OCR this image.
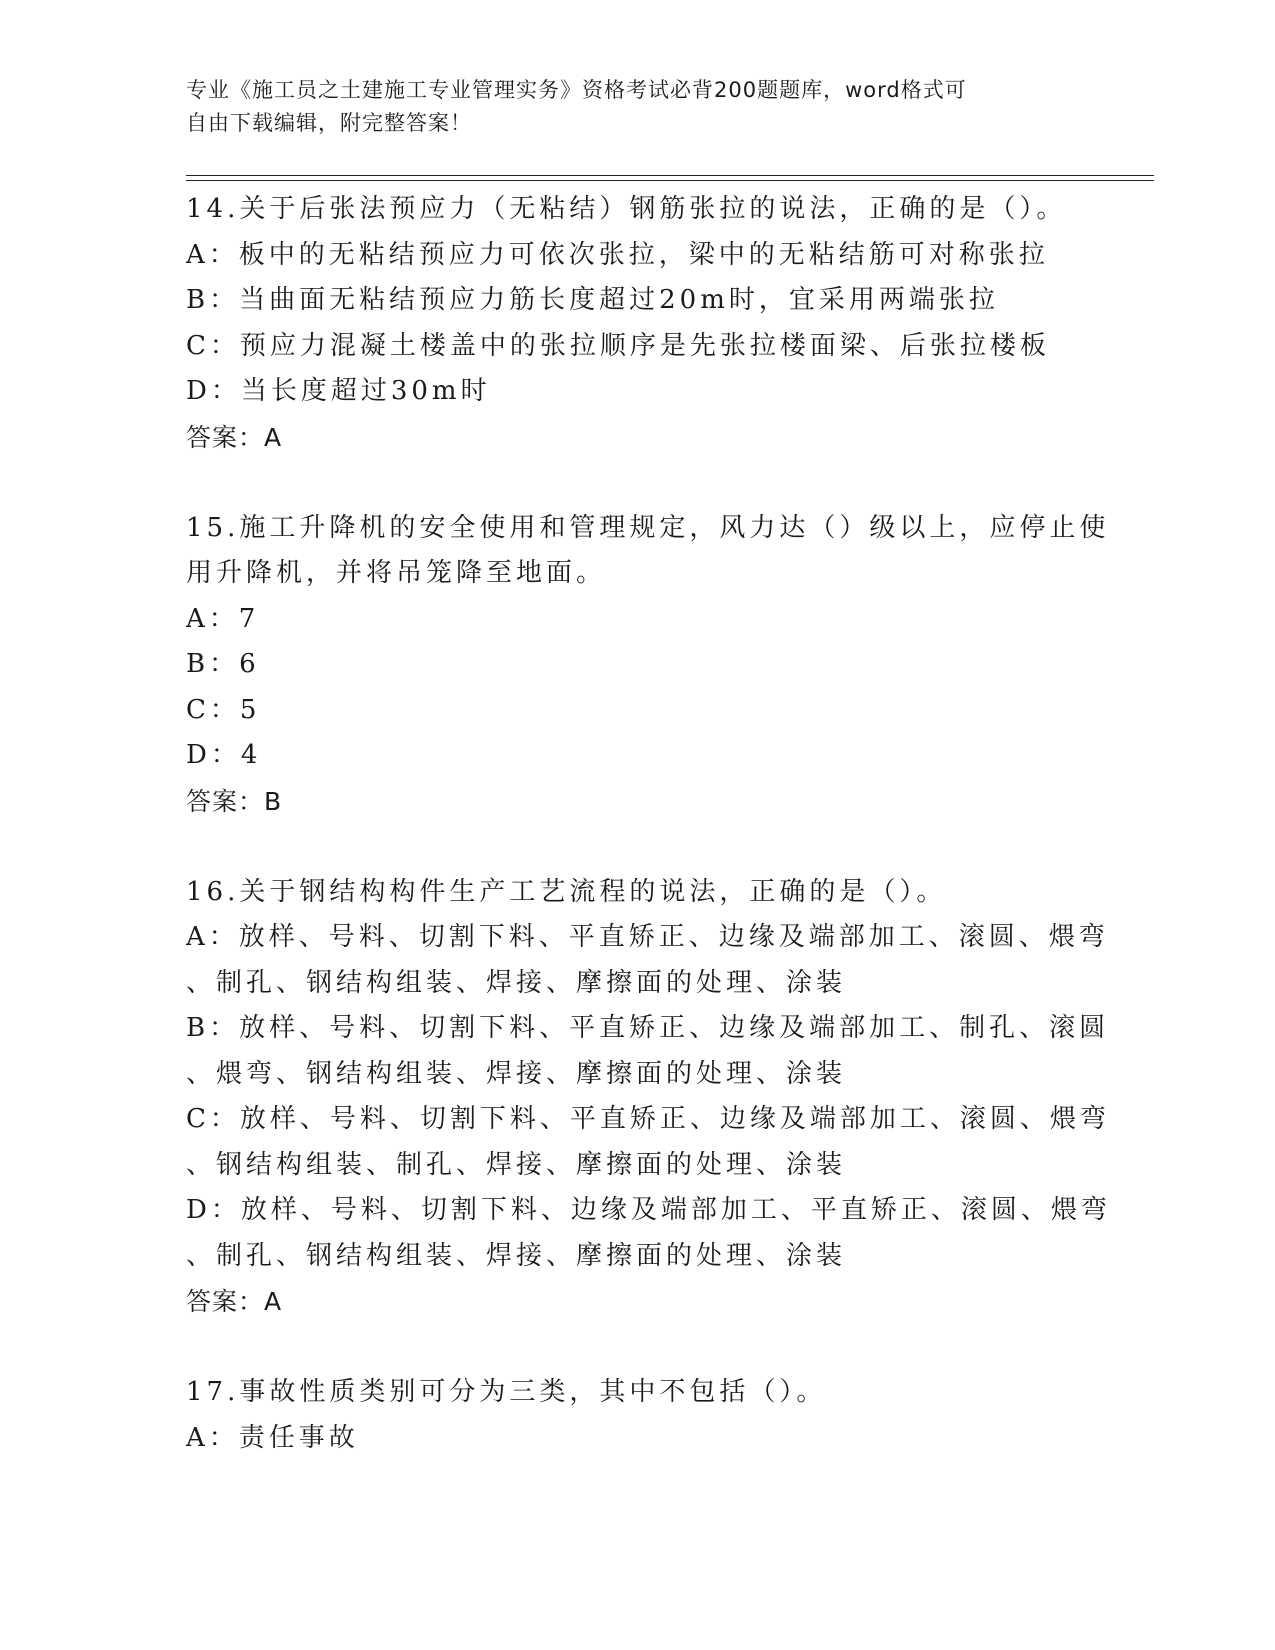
专业《施工员之土建施工专业管理实务》资格考试必背200题题库，word格式可
自由下载编辑，附完整答案！
14.关于后张法预应力（无粘结）钢筋张拉的说法，正确的是（）。
A：板中的无粘结预应力可依次张拉，梁中的无粘结筋可对称张拉
B：当曲面无粘结预应力筋长度超过20m时，宜采用两端张拉
C：预应力混凝土楼盖中的张拉顺序是先张拉楼面梁、后张拉楼板
D：当长度超过30m时
答案：A
15.施工升降机的安全使用和管理规定，风力达（）级以上，应停止使
用升降机，并将吊笼降至地面。
A：7
B：6
C：5
D：4
答案：B
16.关于钢结构构件生产工艺流程的说法，正确的是（）。
A：放样、号料、切割下料、平直矫正、边缘及端部加工、滚圆、煨弯
、制孔、钢结构组装、焊接、摩擦面的处理、涂装
B：放样、号料、切割下料、平直矫正、边缘及端部加工、制孔、滚圆
、煨弯、钢结构组装、焊接、摩擦面的处理、涂装
C：放样、号料、切割下料、平直矫正、边缘及端部加工、滚圆、煨弯
、钢结构组装、制孔、焊接、摩擦面的处理、涂装
D：放样、号料、切割下料、边缘及端部加工、平直矫正、滚圆、煨弯
、制孔、钢结构组装、焊接、摩擦面的处理、涂装
答案：A
17.事故性质类别可分为三类，其中不包括（）。
A：责任事故
